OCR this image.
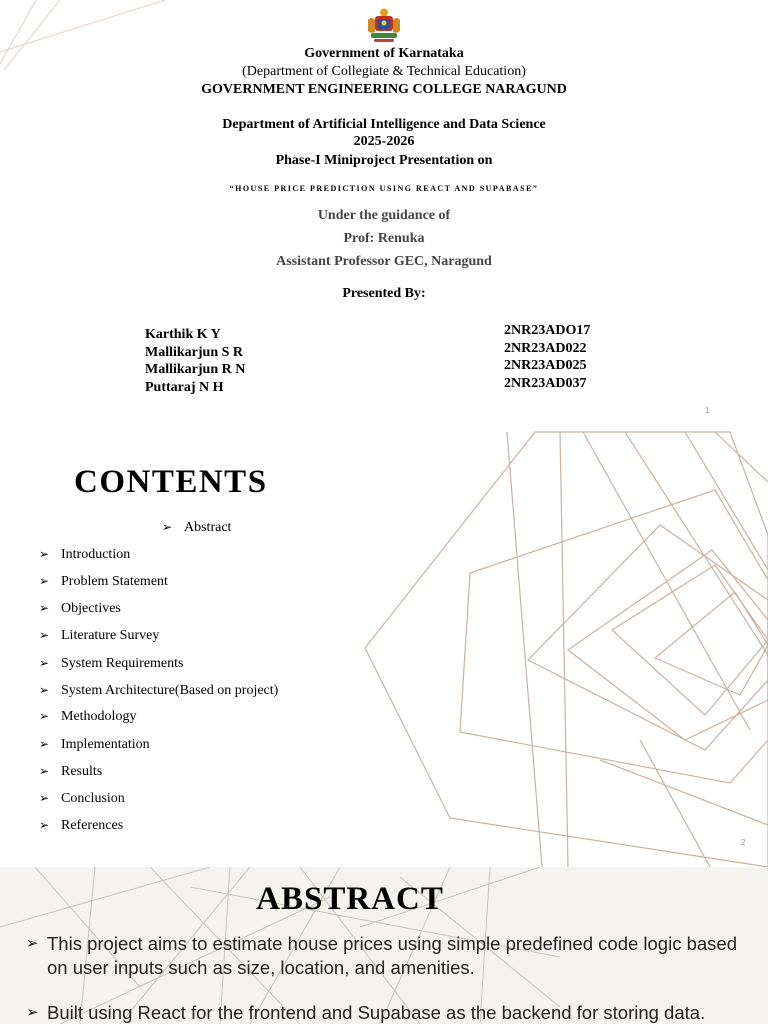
Government of Karnataka
(Department of Collegiate & Technical Education)
GOVERNMENT ENGINEERING COLLEGE NARAGUND
Department of Artificial Intelligence and Data Science
2025-2026
Phase-I Miniproject Presentation on
“HOUSE PRICE PREDICTION USING REACT AND SUPABASE”
Under the guidance of
Prof: Renuka
Assistant Professor GEC, Naragund
Presented By:
Karthik K Y
Mallikarjun S R
Mallikarjun R N
Puttaraj N H
2NR23ADO17
2NR23AD022
2NR23AD025
2NR23AD037
1
CONTENTS
➢ Abstract
➢ Introduction
➢ Problem Statement
➢ Objectives
➢ Literature Survey
➢ System Requirements
➢ System Architecture(Based on project)
➢ Methodology
➢ Implementation
➢ Results
➢ Conclusion
➢ References
2
ABSTRACT
➢ This project aims to estimate house prices using simple predefined code logic based on user inputs such as size, location, and amenities.
➢ Built using React for the frontend and Supabase as the backend for storing data.
